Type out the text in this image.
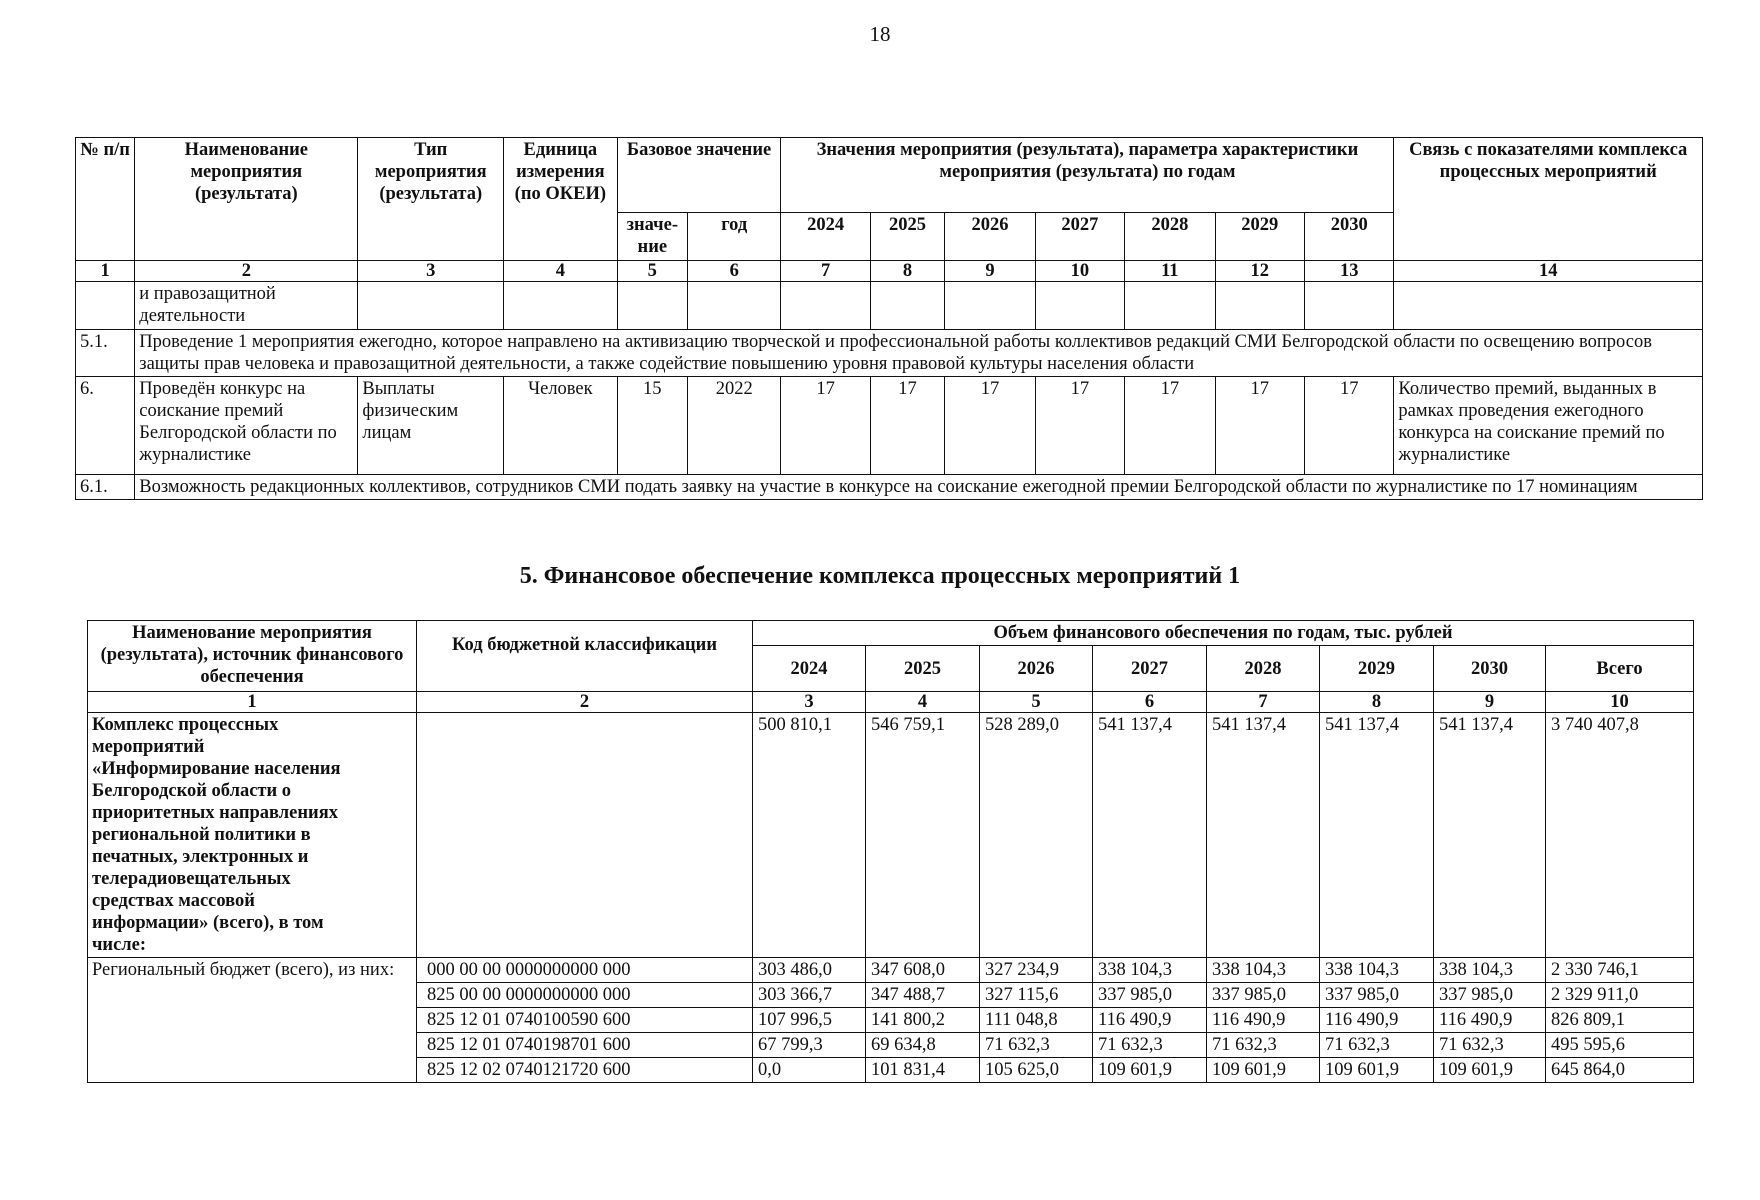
18
№ п/п	Наименование мероприятия (результата)	Тип мероприятия (результата)	Единица измерения (по ОКЕИ)	Базовое значение		Значения мероприятия (результата), параметра характеристики мероприятия (результата) по годам							Связь с показателями комплекса процессных мероприятий
				значе-ние	год	2024	2025	2026	2027	2028	2029	2030	
1	2	3	4	5	6	7	8	9	10	11	12	13	14
	и правозащитной деятельности												
5.1.	Проведение 1 мероприятия ежегодно, которое направлено на активизацию творческой и профессиональной работы коллективов редакций СМИ Белгородской области по освещению вопросов защиты прав человека и правозащитной деятельности, а также содействие повышению уровня правовой культуры населения области												
6.	Проведён конкурс на соискание премий Белгородской области по журналистике	Выплаты физическим лицам	Человек	15	2022	17	17	17	17	17	17	17	Количество премий, выданных в рамках проведения ежегодного конкурса на соискание премий по журналистике
6.1.	Возможность редакционных коллективов, сотрудников СМИ подать заявку на участие в конкурсе на соискание ежегодной премии Белгородской области по журналистике по 17 номинациям												
5. Финансовое обеспечение комплекса процессных мероприятий 1
Наименование мероприятия (результата), источник финансового обеспечения	Код бюджетной классификации	Объем финансового обеспечения по годам, тыс. рублей							
		2024	2025	2026	2027	2028	2029	2030	Всего
1	2	3	4	5	6	7	8	9	10
Комплекс процессных мероприятий «Информирование населения Белгородской области о приоритетных направлениях региональной политики в печатных, электронных и телерадиовещательных средствах массовой информации» (всего), в том числе:		500 810,1	546 759,1	528 289,0	541 137,4	541 137,4	541 137,4	541 137,4	3 740 407,8
Региональный бюджет (всего), из них:	000 00 00 0000000000 000	303 486,0	347 608,0	327 234,9	338 104,3	338 104,3	338 104,3	338 104,3	2 330 746,1
	825 00 00 0000000000 000	303 366,7	347 488,7	327 115,6	337 985,0	337 985,0	337 985,0	337 985,0	2 329 911,0
	825 12 01 0740100590 600	107 996,5	141 800,2	111 048,8	116 490,9	116 490,9	116 490,9	116 490,9	826 809,1
	825 12 01 0740198701 600	67 799,3	69 634,8	71 632,3	71 632,3	71 632,3	71 632,3	71 632,3	495 595,6
	825 12 02 0740121720 600	0,0	101 831,4	105 625,0	109 601,9	109 601,9	109 601,9	109 601,9	645 864,0
